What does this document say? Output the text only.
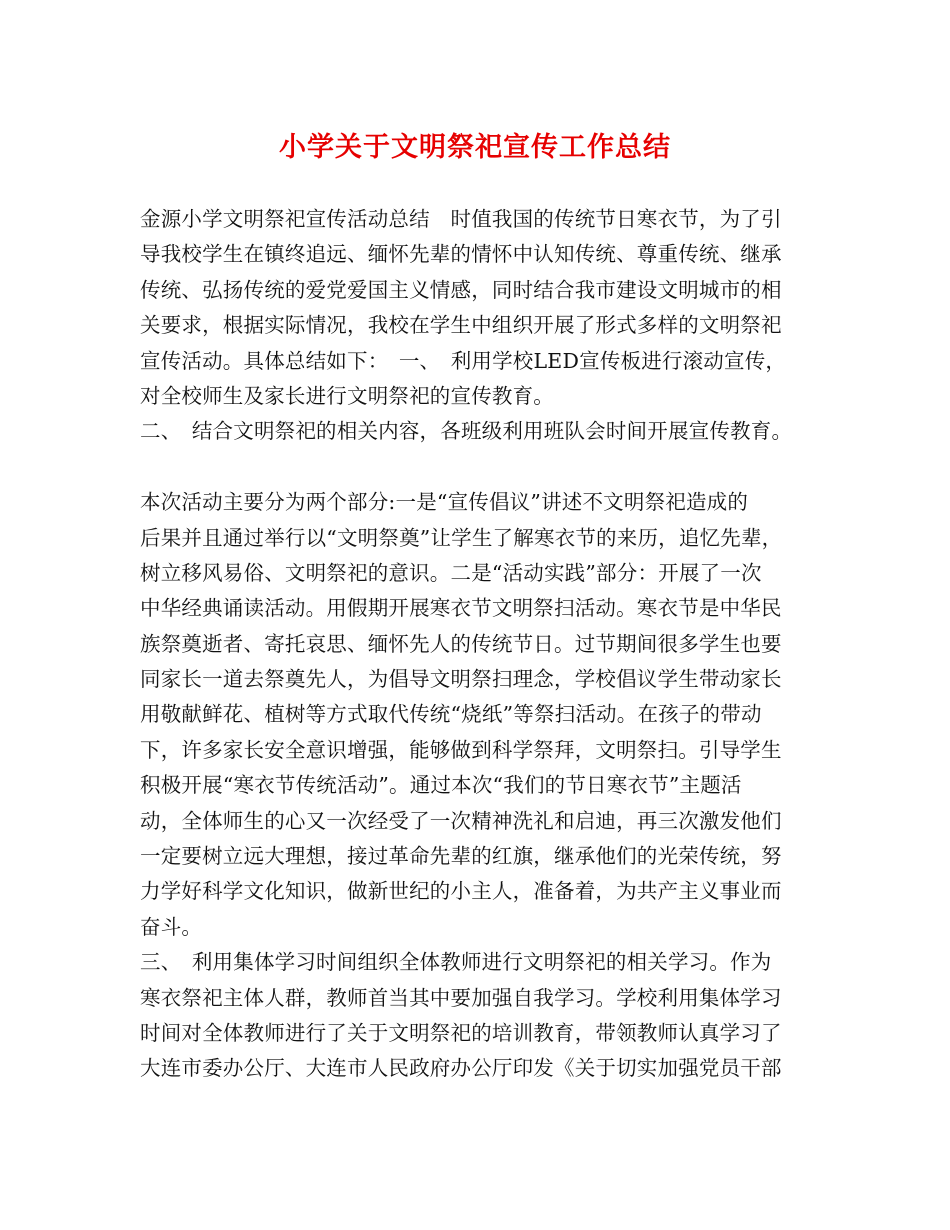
小学关于文明祭祀宣传工作总结
金源小学文明祭祀宣传活动总结　时值我国的传统节日寒衣节，为了引
导我校学生在镇终追远、缅怀先辈的情怀中认知传统、尊重传统、继承
传统、弘扬传统的爱党爱国主义情感，同时结合我市建设文明城市的相
关要求，根据实际情况，我校在学生中组织开展了形式多样的文明祭祀
宣传活动。具体总结如下：　一、　利用学校LED宣传板进行滚动宣传，
对全校师生及家长进行文明祭祀的宣传教育。
二、　结合文明祭祀的相关内容，各班级利用班队会时间开展宣传教育。
本次活动主要分为两个部分:一是“宣传倡议”讲述不文明祭祀造成的
后果并且通过举行以“文明祭奠”让学生了解寒衣节的来历，追忆先辈，
树立移风易俗、文明祭祀的意识。二是“活动实践”部分：开展了一次
中华经典诵读活动。用假期开展寒衣节文明祭扫活动。寒衣节是中华民
族祭奠逝者、寄托哀思、缅怀先人的传统节日。过节期间很多学生也要
同家长一道去祭奠先人，为倡导文明祭扫理念，学校倡议学生带动家长
用敬献鲜花、植树等方式取代传统“烧纸”等祭扫活动。在孩子的带动
下，许多家长安全意识增强，能够做到科学祭拜，文明祭扫。引导学生
积极开展“寒衣节传统活动”。通过本次“我们的节日寒衣节”主题活
动，全体师生的心又一次经受了一次精神洗礼和启迪，再三次激发他们
一定要树立远大理想，接过革命先辈的红旗，继承他们的光荣传统，努
力学好科学文化知识，做新世纪的小主人，准备着，为共产主义事业而
奋斗。
三、　利用集体学习时间组织全体教师进行文明祭祀的相关学习。作为
寒衣祭祀主体人群，教师首当其中要加强自我学习。学校利用集体学习
时间对全体教师进行了关于文明祭祀的培训教育，带领教师认真学习了
大连市委办公厅、大连市人民政府办公厅印发《关于切实加强党员干部
